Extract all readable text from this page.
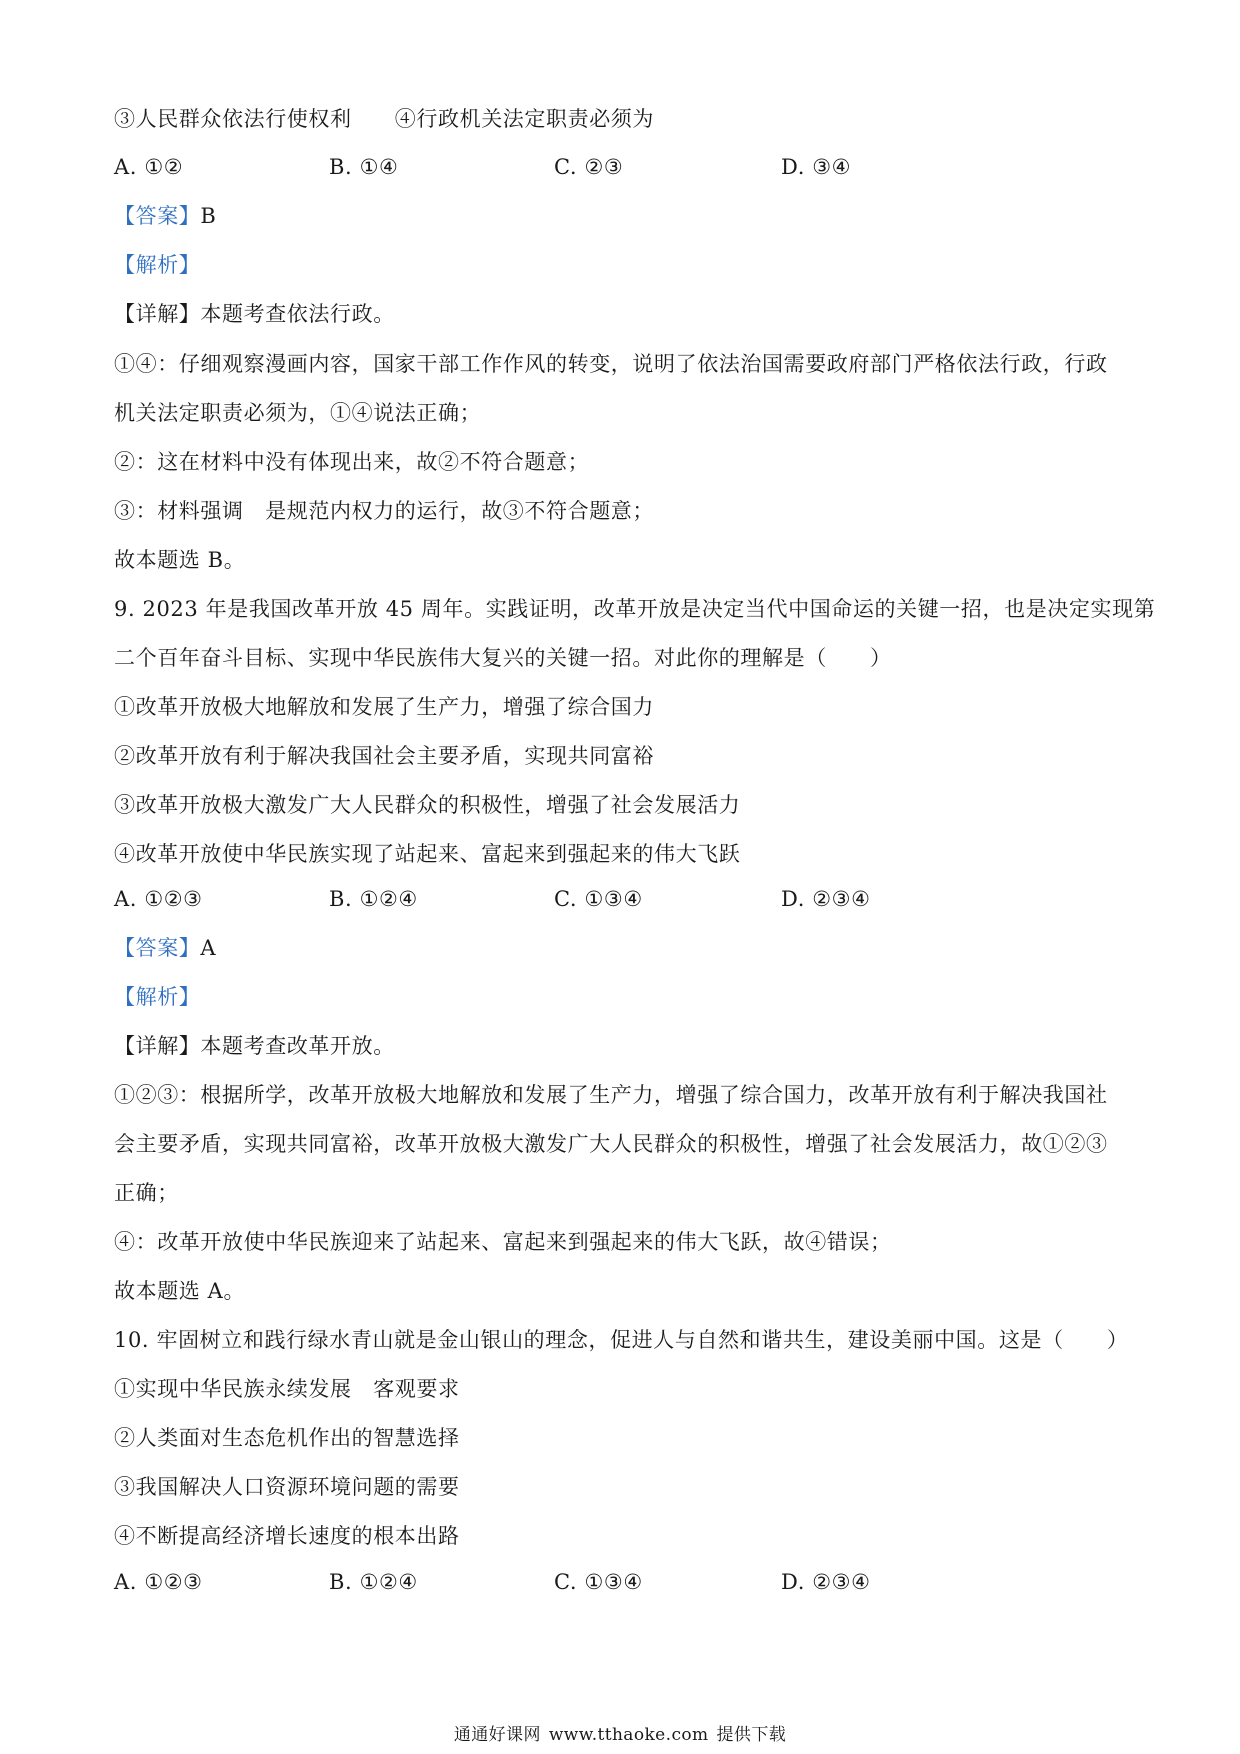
③人民群众依法行使权利　　④行政机关法定职责必须为
A. ①②	B. ①④	C. ②③	D. ③④
【答案】B
【解析】
【详解】本题考查依法行政。
①④：仔细观察漫画内容，国家干部工作作风的转变，说明了依法治国需要政府部门严格依法行政，行政
机关法定职责必须为，①④说法正确；
②：这在材料中没有体现出来，故②不符合题意；
③：材料强调　是规范内权力的运行，故③不符合题意；
故本题选 B。
9. 2023 年是我国改革开放 45 周年。实践证明，改革开放是决定当代中国命运的关键一招，也是决定实现第
二个百年奋斗目标、实现中华民族伟大复兴的关键一招。对此你的理解是（　　）
①改革开放极大地解放和发展了生产力，增强了综合国力
②改革开放有利于解决我国社会主要矛盾，实现共同富裕
③改革开放极大激发广大人民群众的积极性，增强了社会发展活力
④改革开放使中华民族实现了站起来、富起来到强起来的伟大飞跃
A. ①②③	B. ①②④	C. ①③④	D. ②③④
【答案】A
【解析】
【详解】本题考查改革开放。
①②③：根据所学，改革开放极大地解放和发展了生产力，增强了综合国力，改革开放有利于解决我国社
会主要矛盾，实现共同富裕，改革开放极大激发广大人民群众的积极性，增强了社会发展活力，故①②③
正确；
④：改革开放使中华民族迎来了站起来、富起来到强起来的伟大飞跃，故④错误；
故本题选 A。
10. 牢固树立和践行绿水青山就是金山银山的理念，促进人与自然和谐共生，建设美丽中国。这是（　　）
①实现中华民族永续发展　客观要求
②人类面对生态危机作出的智慧选择
③我国解决人口资源环境问题的需要
④不断提高经济增长速度的根本出路
A. ①②③	B. ①②④	C. ①③④	D. ②③④
通通好课网 www.tthaoke.com 提供下载
